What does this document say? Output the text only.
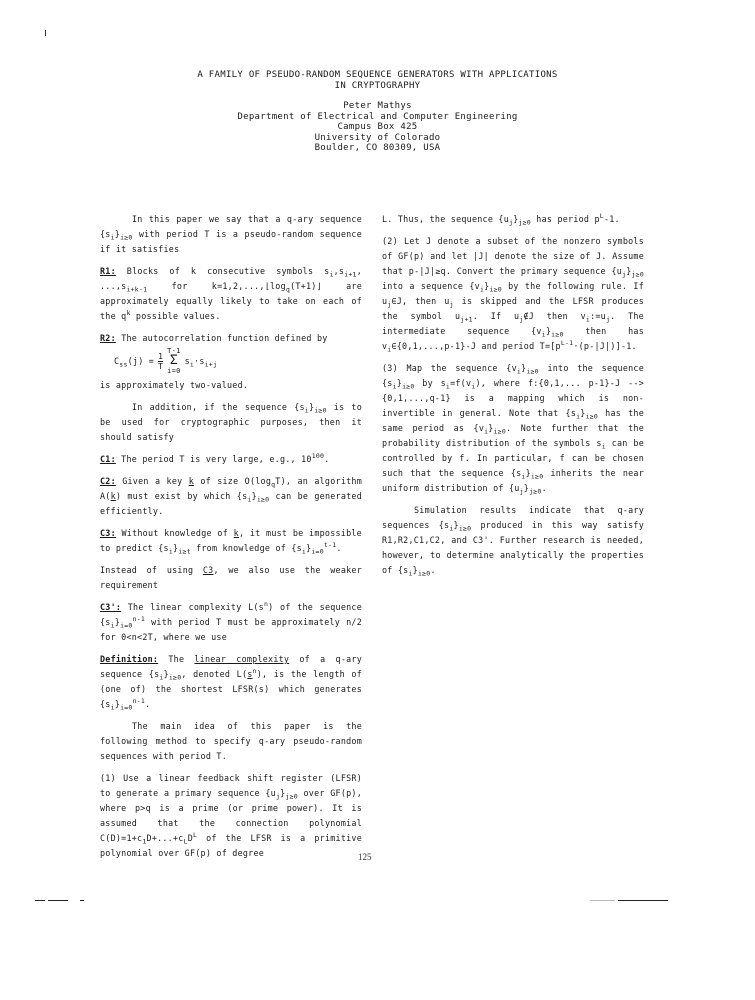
A FAMILY OF PSEUDO-RANDOM SEQUENCE GENERATORS WITH APPLICATIONS
IN CRYPTOGRAPHY
Peter Mathys
Department of Electrical and Computer Engineering
Campus Box 425
University of Colorado
Boulder, CO 80309, USA

In this paper we say that a q-ary sequence $\{s_i\}_{i\ge 0}$ with period T is a pseudo-random sequence if it satisfies

R1: Blocks of k consecutive symbols $s_i,s_{i+1}$, $...,s_{i+k-1}$ for $k=1,2,...,⌊\log_q(T+1)⌋$ are approximately equally likely to take on each of the $q^k$ possible values.

R2: The autocorrelation function defined by

$C_{ss}(j) = \frac{1}{T}$
T-1
Σ
i=0
$s_i\cdot s_{i+j}$

is approximately two-valued.

In addition, if the sequence $\{s_i\}_{i\ge 0}$ is to be used for cryptographic purposes, then it should satisfy

C1: The period T is very large, e.g., $10^{100}$.

C2: Given a key k of size $O(\log_qT)$, an algorithm A(k) must exist by which $\{s_i\}_{i\ge 0}$ can be generated efficiently.

C3: Without knowledge of k, it must be impossible to predict $\{s_i\}_{i\ge t}$ from knowledge of $\{s_i\}_{i=0}^{t-1}$.

Instead of using C3, we also use the weaker requirement

C3': The linear complexity $L(s^n)$ of the sequence $\{s_i\}_{i=0}^{n-1}$ with period T must be approximately n/2 for 0<n<2T, where we use

Definition: The linear complexity of a q-ary sequence $\{s_i\}_{i\ge 0}$, denoted $L(s^n)$, is the length of (one of) the shortest LFSR(s) which generates $\{s_i\}_{i=0}^{n-1}$.

The main idea of this paper is the following method to specify q-ary pseudo-random sequences with period T.

(1) Use a linear feedback shift register (LFSR) to generate a primary sequence $\{u_j\}_{j\ge 0}$ over GF(p), where p>q is a prime (or prime power). It is assumed that the connection polynomial $C(D)=1+c_1D+...+c_LD^L$ of the LFSR is a primitive polynomial over GF(p) of degree

L. Thus, the sequence $\{u_j\}_{j\ge 0}$ has period $p^L-1$.

(2) Let J denote a subset of the nonzero symbols of GF(p) and let |J| denote the size of J. Assume that p-|J|≥q. Convert the primary sequence $\{u_j\}_{j\ge 0}$ into a sequence $\{v_i\}_{i\ge 0}$ by the following rule. If $u_j\in J$, then $u_j$ is skipped and the LFSR produces the symbol $u_{j+1}$. If $u_j\notin J$ then $v_i:=u_j$. The intermediate sequence $\{v_i\}_{i\ge 0}$ then has $v_i\in\{0,1,...,p-1\}-J$ and period $T=[p^{L-1}\cdot(p-|J|)]-1$.

(3) Map the sequence $\{v_i\}_{i\ge 0}$ into the sequence $\{s_i\}_{i\ge 0}$ by $s_i=f(v_i)$, where f:{0,1,... p-1}-J --> {0,1,...,q-1} is a mapping which is non-invertible in general. Note that $\{s_i\}_{i\ge 0}$ has the same period as $\{v_i\}_{i\ge 0}$. Note further that the probability distribution of the symbols $s_i$ can be controlled by f. In particular, f can be chosen such that the sequence $\{s_i\}_{i\ge 0}$ inherits the near uniform distribution of $\{u_j\}_{j\ge 0}$.

Simulation results indicate that q-ary sequences $\{s_i\}_{i\ge 0}$ produced in this way satisfy R1,R2,C1,C2, and C3'. Further research is needed, however, to determine analytically the properties of $\{s_i\}_{i\ge 0}$.

125
